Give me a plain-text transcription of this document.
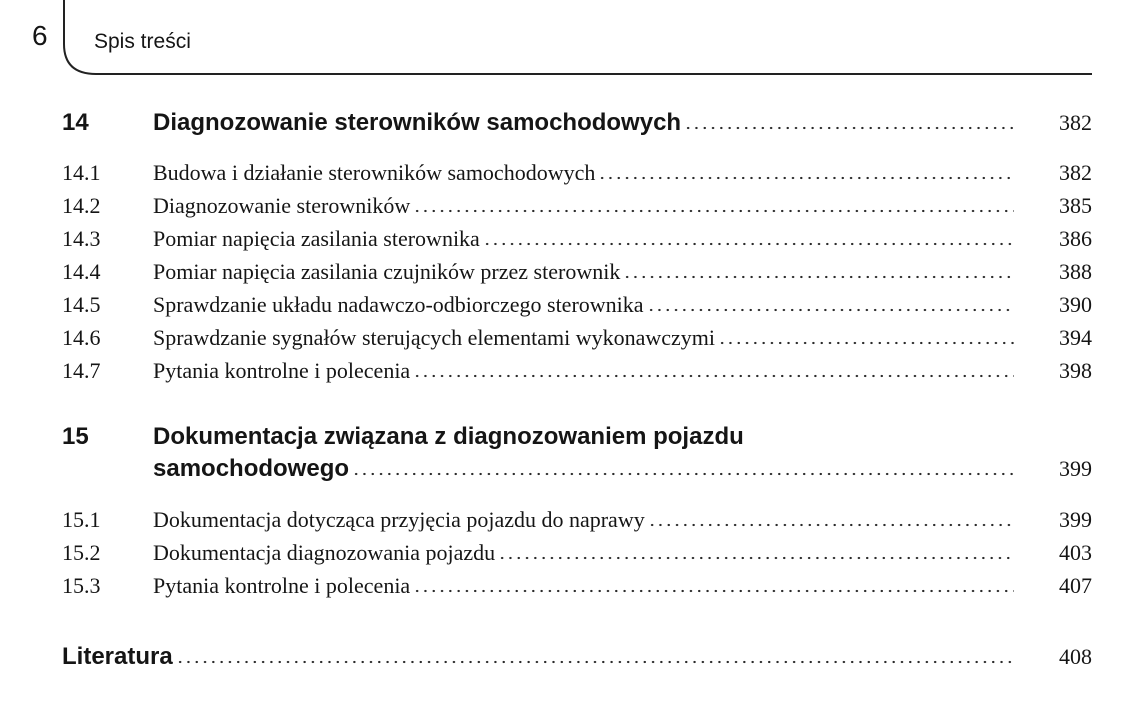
6 Spis treści
14	Diagnozowanie sterowników samochodowych	382
14.1 Budowa i działanie sterowników samochodowych	382
14.2 Diagnozowanie sterowników	385
14.3 Pomiar napięcia zasilania sterownika	386
14.4 Pomiar napięcia zasilania czujników przez sterownik	388
14.5 Sprawdzanie układu nadawczo-odbiorczego sterownika	390
14.6 Sprawdzanie sygnałów sterujących elementami wykonawczymi	394
14.7 Pytania kontrolne i polecenia	398
15	Dokumentacja związana z diagnozowaniem pojazdu
samochodowego	399
15.1 Dokumentacja dotycząca przyjęcia pojazdu do naprawy	399
15.2 Dokumentacja diagnozowania pojazdu	403
15.3 Pytania kontrolne i polecenia	407
Literatura	408
